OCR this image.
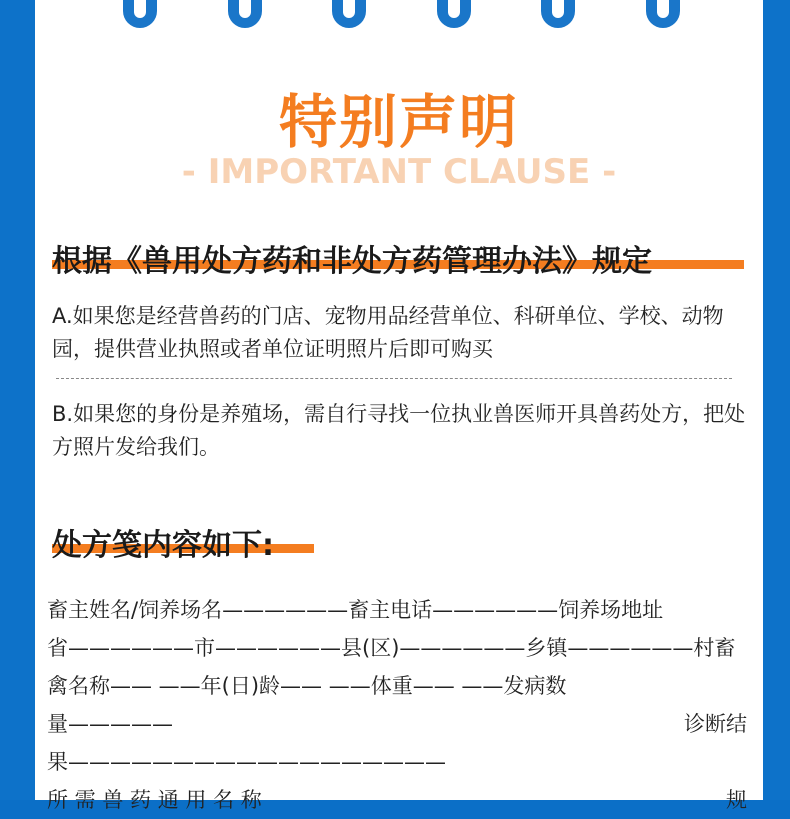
特别声明
- IMPORTANT CLAUSE -
根据《兽用处方药和非处方药管理办法》规定
A.如果您是经营兽药的门店、宠物用品经营单位、科研单位、学校、动物园，提供营业执照或者单位证明照片后即可购买
B.如果您的身份是养殖场，需自行寻找一位执业兽医师开具兽药处方，把处方照片发给我们。
处方笺内容如下:
畜主姓名/饲养场名——————畜主电话——————饲养场地址
省——————市——————县(区)——————乡镇——————村畜
禽名称—— ——年(日)龄—— ——体重—— ——发病数
量—————	诊断结
果——————————————————
所 需 兽 药 通 用 名 称	规
